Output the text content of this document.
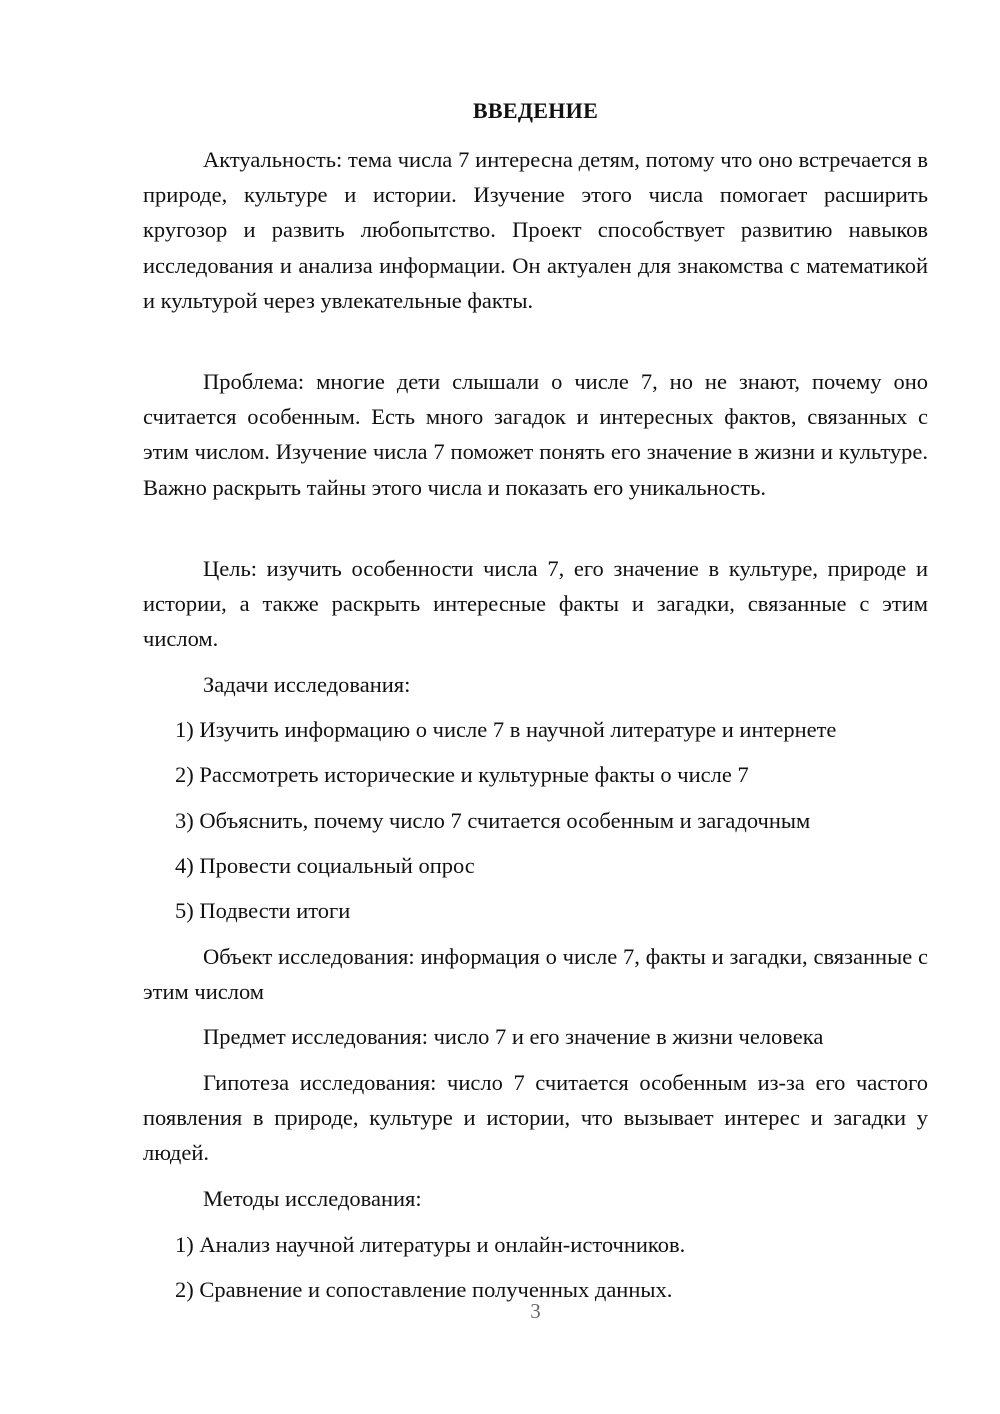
ВВЕДЕНИЕ

Актуальность: тема числа 7 интересна детям, потому что оно встречается в природе, культуре и истории. Изучение этого числа помогает расширить кругозор и развить любопытство. Проект способствует развитию навыков исследования и анализа информации. Он актуален для знакомства с математикой и культурой через увлекательные факты.

Проблема: многие дети слышали о числе 7, но не знают, почему оно считается особенным. Есть много загадок и интересных фактов, связанных с этим числом. Изучение числа 7 поможет понять его значение в жизни и культуре. Важно раскрыть тайны этого числа и показать его уникальность.

Цель: изучить особенности числа 7, его значение в культуре, природе и истории, а также раскрыть интересные факты и загадки, связанные с этим числом.

Задачи исследования:

1) Изучить информацию о числе 7 в научной литературе и интернете

2) Рассмотреть исторические и культурные факты о числе 7

3) Объяснить, почему число 7 считается особенным и загадочным

4) Провести социальный опрос

5) Подвести итоги

Объект исследования: информация о числе 7, факты и загадки, связанные с этим числом

Предмет исследования: число 7 и его значение в жизни человека

Гипотеза исследования: число 7 считается особенным из-за его частого появления в природе, культуре и истории, что вызывает интерес и загадки у людей.

Методы исследования:

1) Анализ научной литературы и онлайн-источников.

2) Сравнение и сопоставление полученных данных.

3
